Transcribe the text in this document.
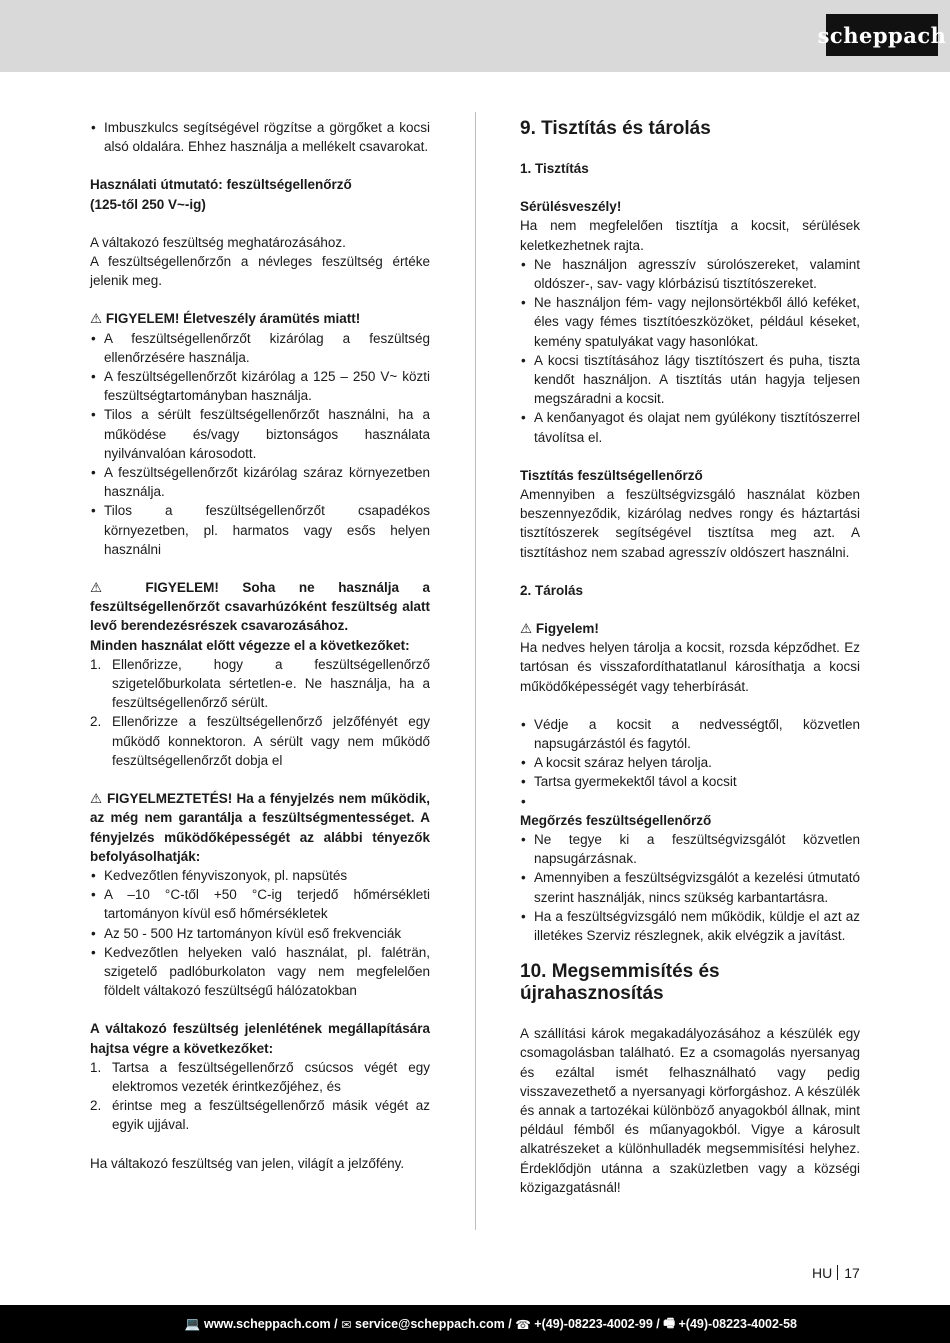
scheppach

• Imbuszkulcs segítségével rögzítse a görgőket a kocsi alsó oldalára. Ehhez használja a mellékelt csavarokat.

Használati útmutató: feszültségellenőrző

(125-től 250 V~-ig)

A váltakozó feszültség meghatározásához.

A feszültségellenőrzőn a névleges feszültség értéke jelenik meg.

⚠ FIGYELEM! Életveszély áramütés miatt!

• A feszültségellenőrzőt kizárólag a feszültség ellenőrzésére használja.

• A feszültségellenőrzőt kizárólag a 125 – 250 V~ közti feszültségtartományban használja.

• Tilos a sérült feszültségellenőrzőt használni, ha a működése és/vagy biztonságos használata nyilvánvalóan károsodott.

• A feszültségellenőrzőt kizárólag száraz környezetben használja.

• Tilos a feszültségellenőrzőt csapadékos környezetben, pl. harmatos vagy esős helyen használni

⚠ FIGYELEM! Soha ne használja a feszültségellenőrzőt csavarhúzóként feszültség alatt levő berendezésrészek csavarozásához.

Minden használat előtt végezze el a következőket:

1. Ellenőrizze, hogy a feszültségellenőrző szigetelőburkolata sértetlen-e. Ne használja, ha a feszültségellenőrző sérült.
2. Ellenőrizze a feszültségellenőrző jelzőfényét egy működő konnektoron. A sérült vagy nem működő feszültségellenőrzőt dobja el

⚠ FIGYELMEZTETÉS! Ha a fényjelzés nem működik, az még nem garantálja a feszültségmentességet. A fényjelzés működőképességét az alábbi tényezők befolyásolhatják:

• Kedvezőtlen fényviszonyok, pl. napsütés

• A –10 °C-től +50 °C-ig terjedő hőmérsékleti tartományon kívül eső hőmérsékletek

• Az 50 - 500 Hz tartományon kívül eső frekvenciák

• Kedvezőtlen helyeken való használat, pl. faléträn, szigetelő padlóburkolaton vagy nem megfelelően földelt váltakozó feszültségű hálózatokban

A váltakozó feszültség jelenlétének megállapítására hajtsa végre a következőket:

1. Tartsa a feszültségellenőrző csúcsos végét egy elektromos vezeték érintkezőjéhez, és
2. érintse meg a feszültségellenőrző másik végét az egyik ujjával.

Ha váltakozó feszültség van jelen, világít a jelzőfény.

9. Tisztítás és tárolás

1. Tisztítás

Sérülésveszély!

Ha nem megfelelően tisztítja a kocsit, sérülések keletkezhetnek rajta.

• Ne használjon agresszív súrolószereket, valamint oldószer-, sav- vagy klórbázisú tisztítószereket.

• Ne használjon fém- vagy nejlonsörtékből álló keféket, éles vagy fémes tisztítóeszközöket, például késeket, kemény spatulyákat vagy hasonlókat.

• A kocsi tisztításához lágy tisztítószert és puha, tiszta kendőt használjon. A tisztítás után hagyja teljesen megszáradni a kocsit.

• A kenőanyagot és olajat nem gyúlékony tisztítószerrel távolítsa el.

Tisztítás feszültségellenőrző

Amennyiben a feszültségvizsgáló használat közben beszennyeződik, kizárólag nedves rongy és háztartási tisztítószerek segítségével tisztítsa meg azt. A tisztításhoz nem szabad agresszív oldószert használni.

2. Tárolás

⚠ Figyelem!

Ha nedves helyen tárolja a kocsit, rozsda képződhet. Ez tartósan és visszafordíthatatlanul károsíthatja a kocsi működőképességét vagy teherbírását.

• Védje a kocsit a nedvességtől, közvetlen napsugárzástól és fagytól.

• A kocsit száraz helyen tárolja.

• Tartsa gyermekektől távol a kocsit

•

Megőrzés feszültségellenőrző

• Ne tegye ki a feszültségvizsgálót közvetlen napsugárzásnak.

• Amennyiben a feszültségvizsgálót a kezelési útmutató szerint használják, nincs szükség karbantartásra.

• Ha a feszültségvizsgáló nem működik, küldje el azt az illetékes Szerviz részlegnek, akik elvégzik a javítást.

10. Megsemmisítés és újrahasznosítás

A szállítási károk megakadályozásához a készülék egy csomagolásban található. Ez a csomagolás nyersanyag és ezáltal ismét felhasználható vagy pedig visszavezethető a nyersanyagi körforgáshoz. A készülék és annak a tartozékai különböző anyagokból állnak, mint például fémből és műanyagokból. Vigye a károsult alkatrészeket a különhulladék megsemmisítési helyhez. Érdeklődjön utánna a szaküzletben vagy a községi közigazgatásnál!

HU 17
💻
www.scheppach.com / ✉
service@scheppach.com / ☎
+(49)-08223-4002-99 / 🖷
+(49)-08223-4002-58
